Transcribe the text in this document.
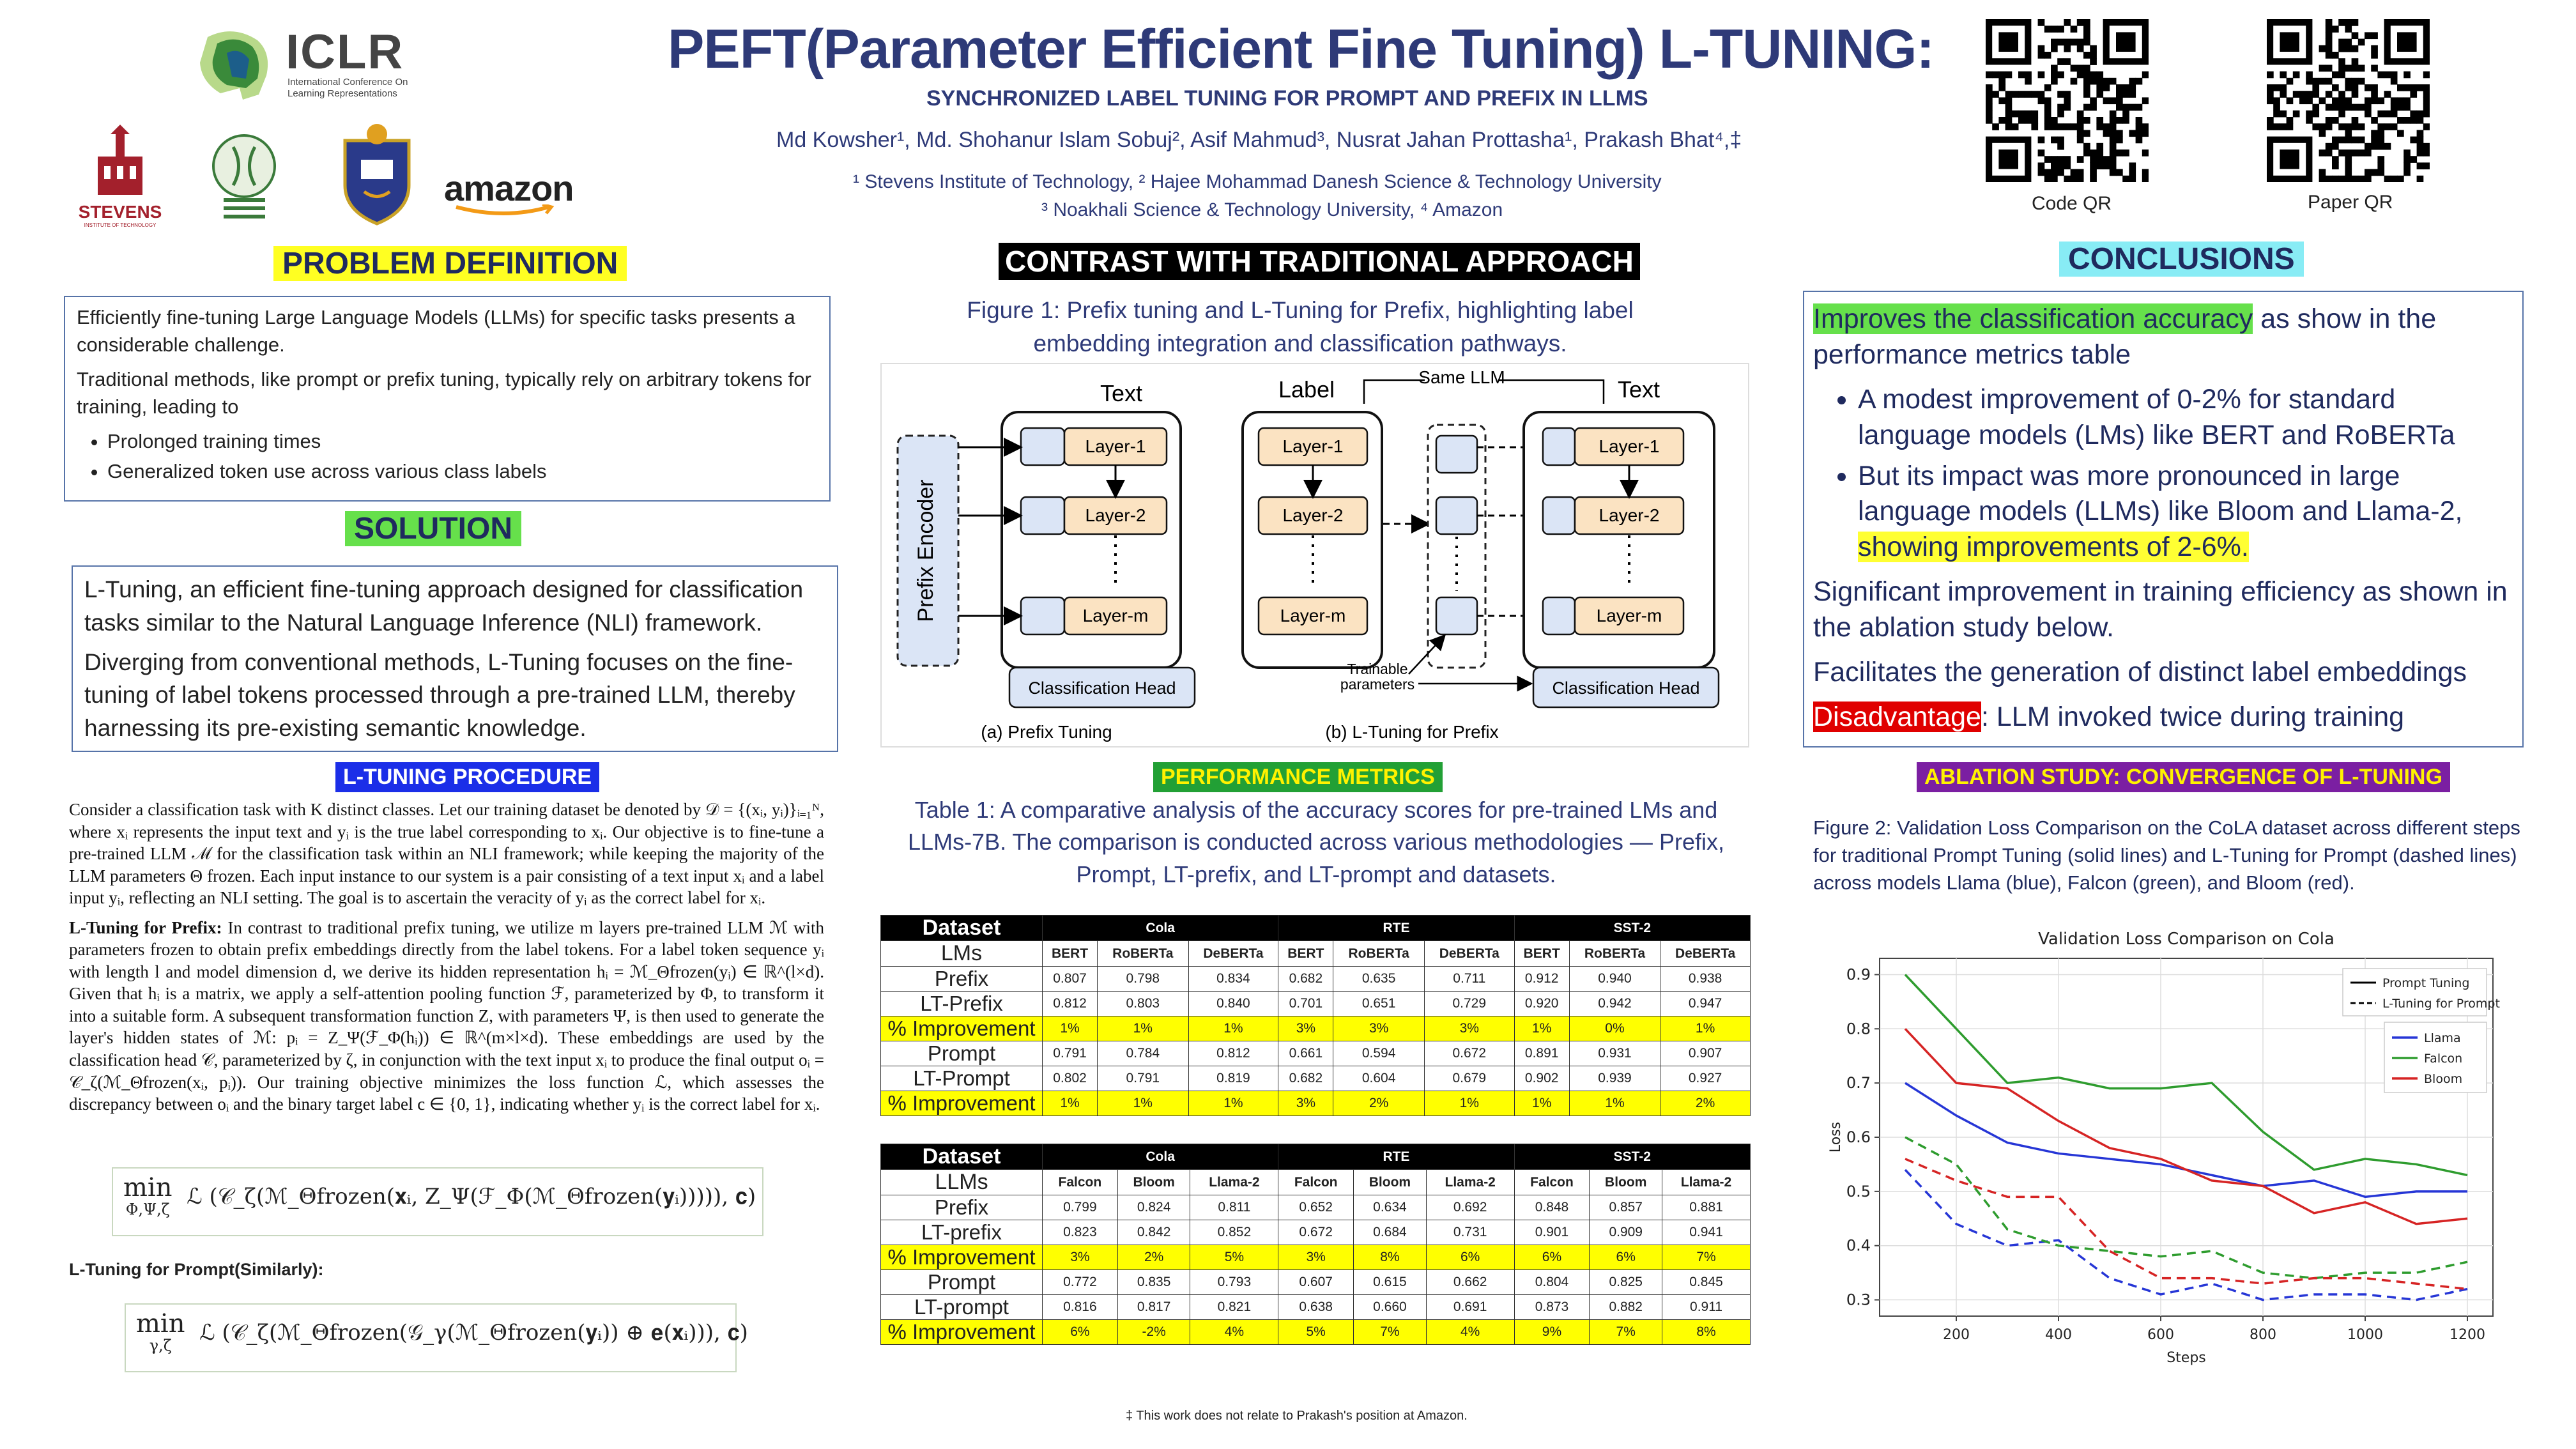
ICLR
International Conference On
Learning Representations
STEVENS
INSTITUTE OF TECHNOLOGY
amazon
PEFT(Parameter Efficient Fine Tuning) L-TUNING:
SYNCHRONIZED LABEL TUNING FOR PROMPT AND PREFIX IN LLMS
Md Kowsher¹, Md. Shohanur Islam Sobuj², Asif Mahmud³, Nusrat Jahan Prottasha¹, Prakash Bhat⁴,‡
¹ Stevens Institute of Technology, ² Hajee Mohammad Danesh Science & Technology University
³ Noakhali Science & Technology University, ⁴ Amazon	Code QR	Paper QR
PROBLEM DEFINITION

Efficiently fine-tuning Large Language Models (LLMs) for specific tasks presents a considerable challenge.

Traditional methods, like prompt or prefix tuning, typically rely on arbitrary tokens for training, leading to

• Prolonged training times
• Generalized token use across various class labels
SOLUTION

L-Tuning, an efficient fine-tuning approach designed for classification tasks similar to the Natural Language Inference (NLI) framework.

Diverging from conventional methods, L-Tuning focuses on the fine-tuning of label tokens processed through a pre-trained LLM, thereby harnessing its pre-existing semantic knowledge.

L-TUNING PROCEDURE

Consider a classification task with K distinct classes. Let our training dataset be denoted by 𝒟 = {(xᵢ, yᵢ)}ᵢ₌₁ᴺ, where xᵢ represents the input text and yᵢ is the true label corresponding to xᵢ. Our objective is to fine-tune a pre-trained LLM ℳ for the classification task within an NLI framework; while keeping the majority of the LLM parameters Θ frozen. Each input instance to our system is a pair consisting of a text input xᵢ and a label input yᵢ, reflecting an NLI setting. The goal is to ascertain the veracity of yᵢ as the correct label for xᵢ.

L-Tuning for Prefix: In contrast to traditional prefix tuning, we utilize m layers pre-trained LLM ℳ with parameters frozen to obtain prefix embeddings directly from the label tokens. For a label token sequence yᵢ with length l and model dimension d, we derive its hidden representation hᵢ = ℳ_Θfrozen(yᵢ) ∈ ℝ^(l×d). Given that hᵢ is a matrix, we apply a self-attention pooling function ℱ, parameterized by Φ, to transform it into a suitable form. A subsequent transformation function Z, with parameters Ψ, is then used to generate the layer's hidden states of ℳ: pᵢ = Z_Ψ(ℱ_Φ(hᵢ)) ∈ ℝ^(m×l×d). These embeddings are used by the classification head 𝒞, parameterized by ζ, in conjunction with the text input xᵢ to produce the final output oᵢ = 𝒞_ζ(ℳ_Θfrozen(xᵢ, pᵢ)). Our training objective minimizes the loss function ℒ, which assesses the discrepancy between oᵢ and the binary target label c ∈ {0, 1}, indicating whether yᵢ is the correct label for xᵢ.

min
Φ,Ψ,ζ ℒ (𝒞_ζ(ℳ_Θfrozen(𝐱ᵢ, Z_Ψ(ℱ_Φ(ℳ_Θfrozen(𝐲ᵢ))))), 𝐜)
L-Tuning for Prompt(Similarly):
min
γ,ζ	ℒ (𝒞_ζ(ℳ_Θfrozen(𝒢_γ(ℳ_Θfrozen(𝐲ᵢ)) ⊕ 𝐞(𝐱ᵢ))), 𝐜)
CONTRAST WITH TRADITIONAL APPROACH
Figure 1: Prefix tuning and L-Tuning for Prefix, highlighting label embedding integration and classification pathways.
Text	Label	Same LLM	Text
Prefix Encoder
Layer-1
Layer-2
Layer-m
Classification Head
Layer-1
Layer-2
Layer-m
Layer-1
Layer-2
Layer-m
Classification Head
Trainable
parameters
(a) Prefix Tuning	(b) L-Tuning for Prefix
PERFORMANCE METRICS
Table 1: A comparative analysis of the accuracy scores for pre-trained LMs and LLMs-7B. The comparison is conducted across various methodologies — Prefix, Prompt, LT-prefix, and LT-prompt and datasets.
Dataset	Cola			RTE			SST-2		
LMs	BERT	RoBERTa	DeBERTa	BERT	RoBERTa	DeBERTa	BERT	RoBERTa	DeBERTa
Prefix	0.807	0.798	0.834	0.682	0.635	0.711	0.912	0.940	0.938
LT-Prefix	0.812	0.803	0.840	0.701	0.651	0.729	0.920	0.942	0.947
% Improvement	1%	1%	1%	3%	3%	3%	1%	0%	1%
Prompt	0.791	0.784	0.812	0.661	0.594	0.672	0.891	0.931	0.907
LT-Prompt	0.802	0.791	0.819	0.682	0.604	0.679	0.902	0.939	0.927
% Improvement	1%	1%	1%	3%	2%	1%	1%	1%	2%
Dataset	Cola			RTE			SST-2		
LLMs	Falcon	Bloom	Llama-2	Falcon	Bloom	Llama-2	Falcon	Bloom	Llama-2
Prefix	0.799	0.824	0.811	0.652	0.634	0.692	0.848	0.857	0.881
LT-prefix	0.823	0.842	0.852	0.672	0.684	0.731	0.901	0.909	0.941
% Improvement	3%	2%	5%	3%	8%	6%	6%	6%	7%
Prompt	0.772	0.835	0.793	0.607	0.615	0.662	0.804	0.825	0.845
LT-prompt	0.816	0.817	0.821	0.638	0.660	0.691	0.873	0.882	0.911
% Improvement	6%	-2%	4%	5%	7%	4%	9%	7%	8%
‡ This work does not relate to Prakash's position at Amazon.
CONCLUSIONS

Improves the classification accuracy as show in the performance metrics table

• A modest improvement of 0-2% for standard language models (LMs) like BERT and RoBERTa
• But its impact was more pronounced in large language models (LLMs) like Bloom and Llama-2, showing improvements of 2-6%.

Significant improvement in training efficiency as shown in the ablation study below.

Facilitates the generation of distinct label embeddings

Disadvantage: LLM invoked twice during training

ABLATION STUDY: CONVERGENCE OF L-TUNING
Figure 2: Validation Loss Comparison on the CoLA dataset across different steps for traditional Prompt Tuning (solid lines) and L-Tuning for Prompt (dashed lines) across models Llama (blue), Falcon (green), and Bloom (red).
Validation Loss Comparison on Cola
0.3
0.4
0.5
0.6
0.7
0.8
0.9
200	400	600	800	1000	1200
Steps
Loss
Prompt Tuning
L-Tuning for Prompt
Llama
Falcon
Bloom
